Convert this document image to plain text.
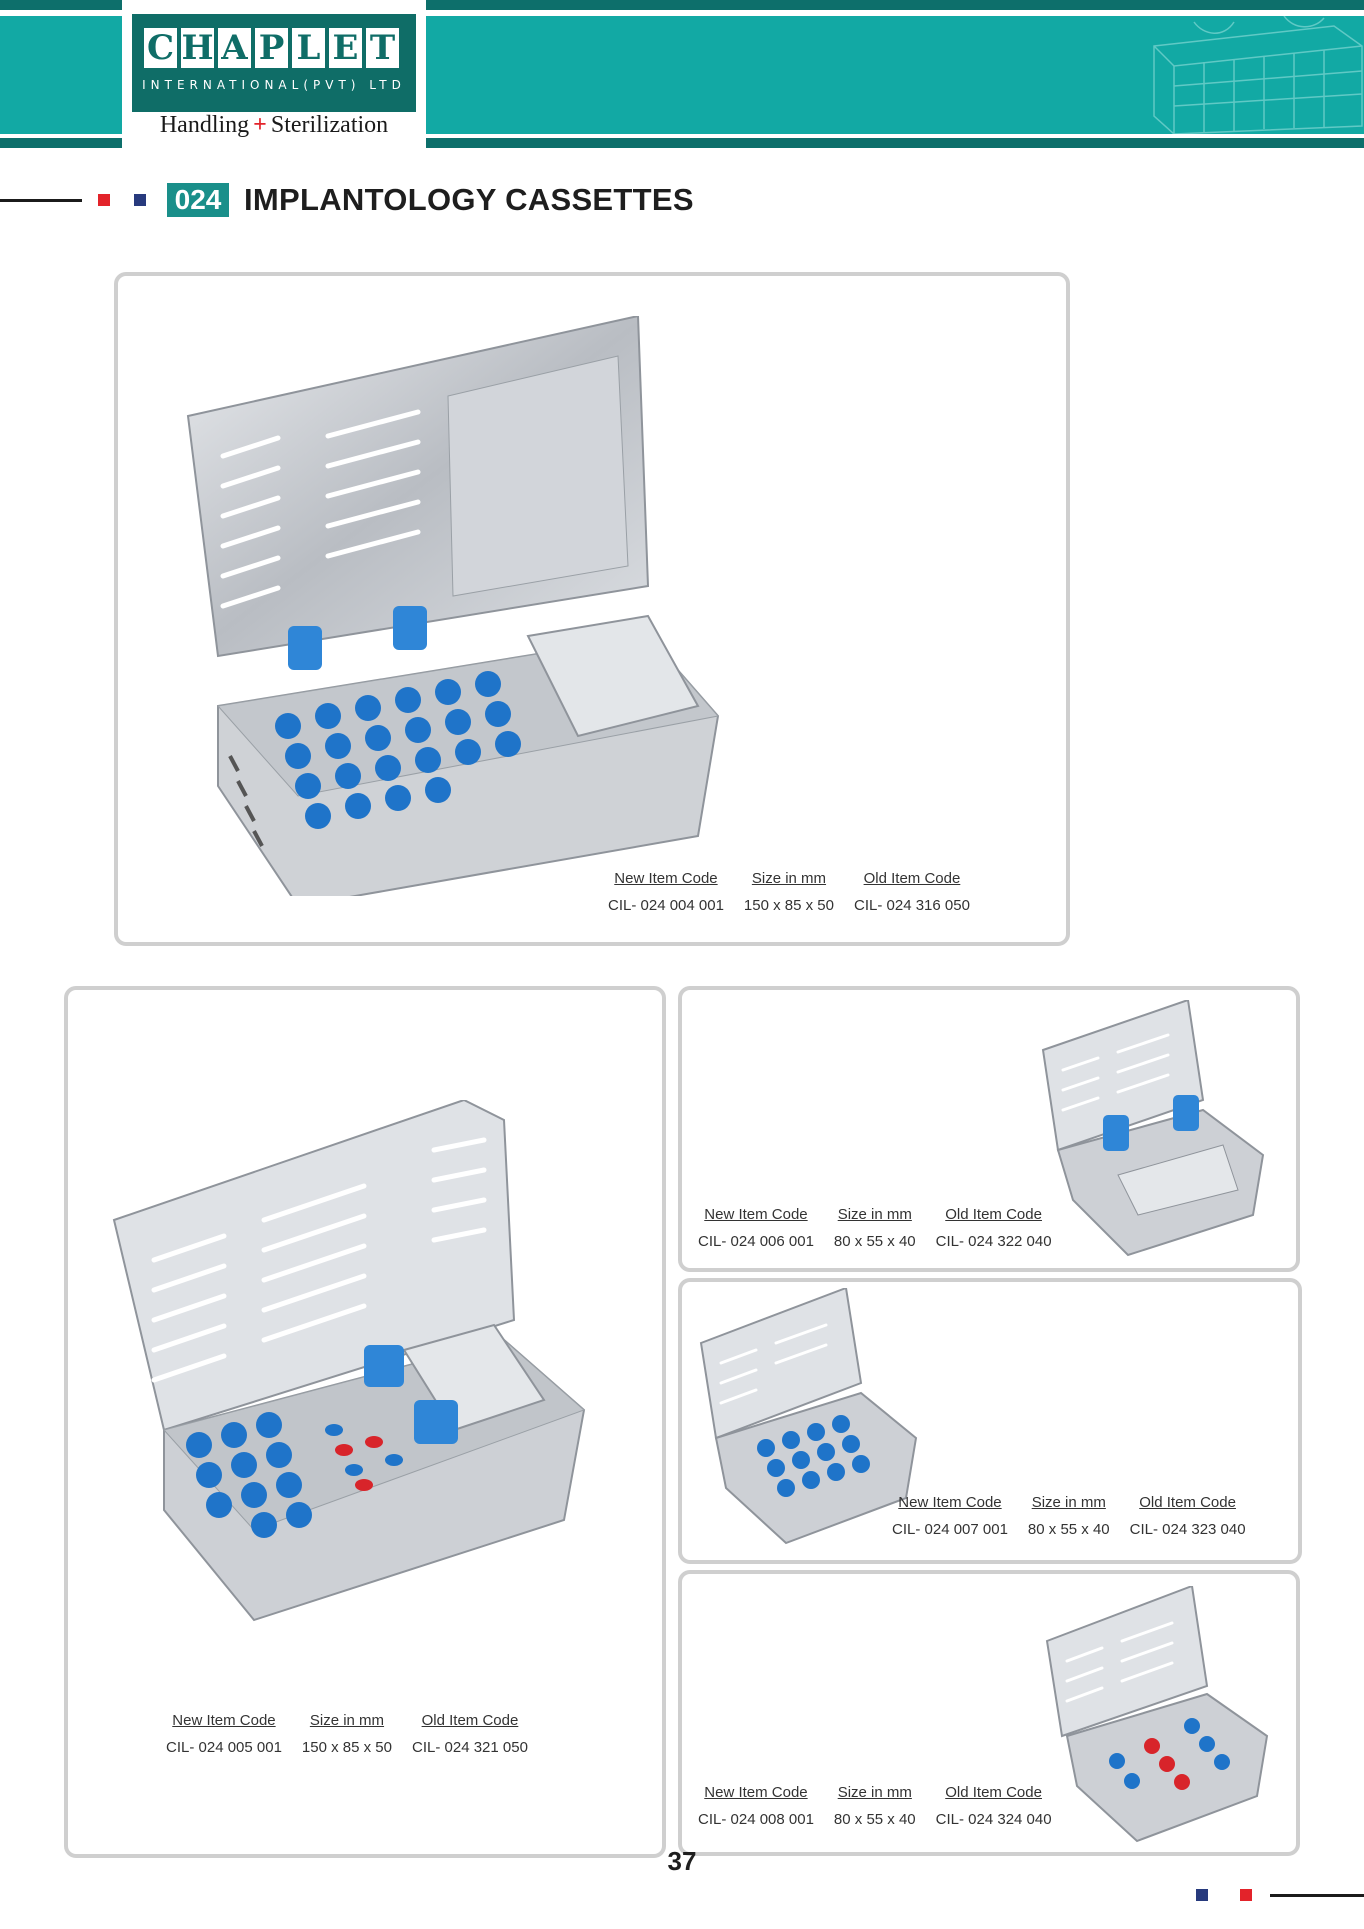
C H A P L E T
INTERNATIONAL(PVT) LTD
Handling + Sterilization
024 IMPLANTOLOGY CASSETTES
New Item Code	Size in mm	Old Item Code
CIL- 024 004 001 150 x 85 x 50 CIL- 024 316 050
New Item Code	Size in mm	Old Item Code
CIL- 024 005 001 150 x 85 x 50 CIL- 024 321 050
New Item Code	Size in mm	Old Item Code
CIL- 024 006 001 80 x 55 x 40 CIL- 024 322 040
New Item Code	Size in mm	Old Item Code
CIL- 024 007 001 80 x 55 x 40 CIL- 024 323 040
New Item Code	Size in mm	Old Item Code
CIL- 024 008 001 80 x 55 x 40 CIL- 024 324 040
37
